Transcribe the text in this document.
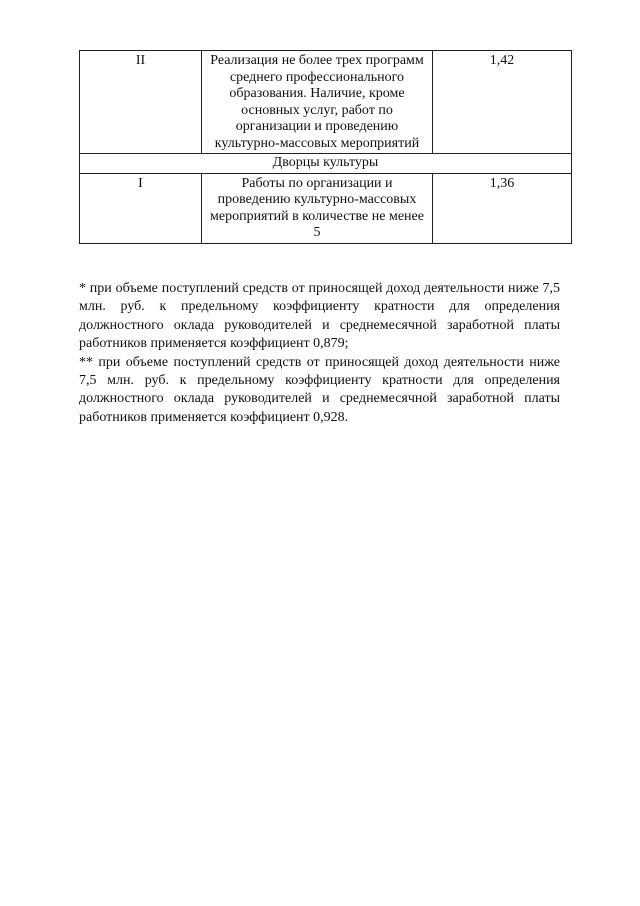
II	Реализация не более трех программ среднего профессионального образования. Наличие, кроме основных услуг, работ по организации и проведению культурно-массовых мероприятий	1,42
Дворцы культуры		
I	Работы по организации и проведению культурно-массовых мероприятий в количестве не менее 5	1,36

* при объеме поступлений средств от приносящей доход деятельности ниже 7,5 млн. руб. к предельному коэффициенту кратности для определения должностного оклада руководителей и среднемесячной заработной платы работников применяется коэффициент 0,879;

** при объеме поступлений средств от приносящей доход деятельности ниже 7,5 млн. руб. к предельному коэффициенту кратности для определения должностного оклада руководителей и среднемесячной заработной платы работников применяется коэффициент 0,928.
